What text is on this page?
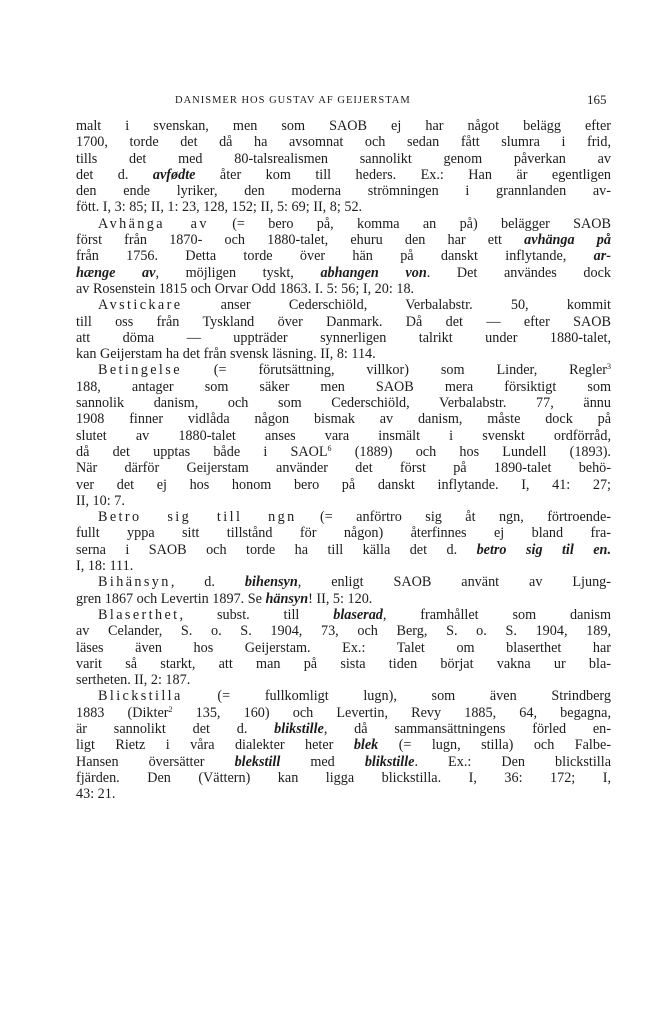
DANISMER HOS GUSTAV AF GEIJERSTAM	165

malt i svenskan, men som SAOB ej har något belägg efter

1700, torde det då ha avsomnat och sedan fått slumra i frid,

tills det med 80-talsrealismen sannolikt genom påverkan av

det d. avfødte åter kom till heders. Ex.: Han är egentligen

den ende lyriker, den moderna strömningen i grannlanden av-

fött. I, 3: 85; II, 1: 23, 128, 152; II, 5: 69; II, 8; 52.

Avhänga av (= bero på, komma an på) belägger SAOB

först från 1870- och 1880-talet, ehuru den har ett avhänga på

från 1756. Detta torde över hän på danskt inflytande, ar-

hænge av, möjligen tyskt, abhangen von. Det användes dock

av Rosenstein 1815 och Orvar Odd 1863. I. 5: 56; I, 20: 18.

Avstickare anser Cederschiöld, Verbalabstr. 50, kommit

till oss från Tyskland över Danmark. Då det — efter SAOB

att döma — uppträder synnerligen talrikt under 1880-talet,

kan Geijerstam ha det från svensk läsning. II, 8: 114.

Betingelse (= förutsättning, villkor) som Linder, Regler$^3$

188, antager som säker men SAOB mera försiktigt som

sannolik danism, och som Cederschiöld, Verbalabstr. 77, ännu

1908 finner vidlåda någon bismak av danism, måste dock på

slutet av 1880-talet anses vara insmält i svenskt ordförråd,

då det upptas både i SAOL$^6$ (1889) och hos Lundell (1893).

När därför Geijerstam använder det först på 1890-talet behö-

ver det ej hos honom bero på danskt inflytande. I, 41: 27;

II, 10: 7.

Betro sig till ngn (= anförtro sig åt ngn, förtroende-

fullt yppa sitt tillstånd för någon) återfinnes ej bland fra-

serna i SAOB och torde ha till källa det d. betro sig til en.

I, 18: 111.

Bihänsyn, d. bihensyn, enligt SAOB använt av Ljung-

gren 1867 och Levertin 1897. Se hänsyn! II, 5: 120.

Blaserthet, subst. till blaserad, framhållet som danism

av Celander, S. o. S. 1904, 73, och Berg, S. o. S. 1904, 189,

läses även hos Geijerstam. Ex.: Talet om blaserthet har

varit så starkt, att man på sista tiden börjat vakna ur bla-

sertheten. II, 2: 187.

Blickstilla (= fullkomligt lugn), som även Strindberg

1883 (Dikter$^2$ 135, 160) och Levertin, Revy 1885, 64, begagna,

är sannolikt det d. blikstille, då sammansättningens förled en-

ligt Rietz i våra dialekter heter blek (= lugn, stilla) och Falbe-

Hansen översätter blekstill med blikstille. Ex.: Den blickstilla

fjärden. Den (Vättern) kan ligga blickstilla. I, 36: 172; I,

43: 21.
